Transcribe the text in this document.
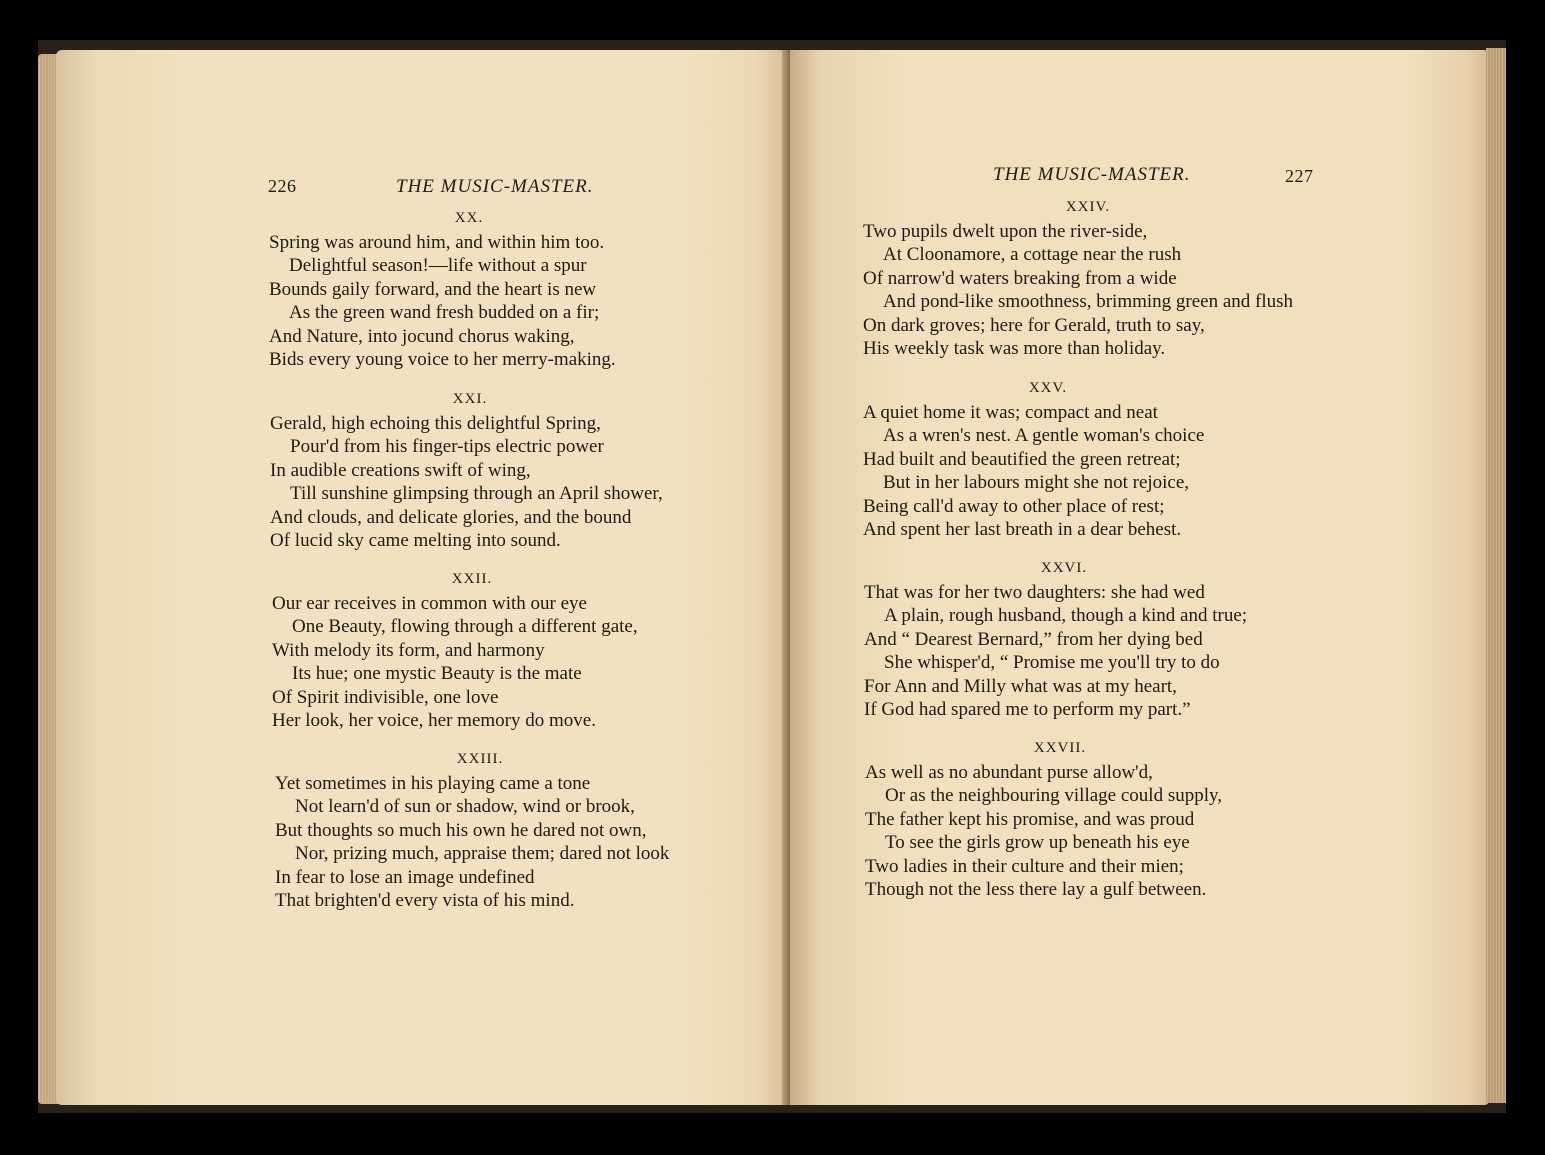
226	THE MUSIC-MASTER.
XX.
Spring was around him, and within him too.
Delightful season!—life without a spur
Bounds gaily forward, and the heart is new
As the green wand fresh budded on a fir;
And Nature, into jocund chorus waking,
Bids every young voice to her merry-making.
XXI.
Gerald, high echoing this delightful Spring,
Pour'd from his finger-tips electric power
In audible creations swift of wing,
Till sunshine glimpsing through an April shower,
And clouds, and delicate glories, and the bound
Of lucid sky came melting into sound.
XXII.
Our ear receives in common with our eye
One Beauty, flowing through a different gate,
With melody its form, and harmony
Its hue; one mystic Beauty is the mate
Of Spirit indivisible, one love
Her look, her voice, her memory do move.
XXIII.
Yet sometimes in his playing came a tone
Not learn'd of sun or shadow, wind or brook,
But thoughts so much his own he dared not own,
Nor, prizing much, appraise them; dared not look
In fear to lose an image undefined
That brighten'd every vista of his mind.
THE MUSIC-MASTER.	227
XXIV.
Two pupils dwelt upon the river-side,
At Cloonamore, a cottage near the rush
Of narrow'd waters breaking from a wide
And pond-like smoothness, brimming green and flush
On dark groves; here for Gerald, truth to say,
His weekly task was more than holiday.
XXV.
A quiet home it was; compact and neat
As a wren's nest. A gentle woman's choice
Had built and beautified the green retreat;
But in her labours might she not rejoice,
Being call'd away to other place of rest;
And spent her last breath in a dear behest.
XXVI.
That was for her two daughters: she had wed
A plain, rough husband, though a kind and true;
And “ Dearest Bernard,” from her dying bed
She whisper'd, “ Promise me you'll try to do
For Ann and Milly what was at my heart,
If God had spared me to perform my part.”
XXVII.
As well as no abundant purse allow'd,
Or as the neighbouring village could supply,
The father kept his promise, and was proud
To see the girls grow up beneath his eye
Two ladies in their culture and their mien;
Though not the less there lay a gulf between.
